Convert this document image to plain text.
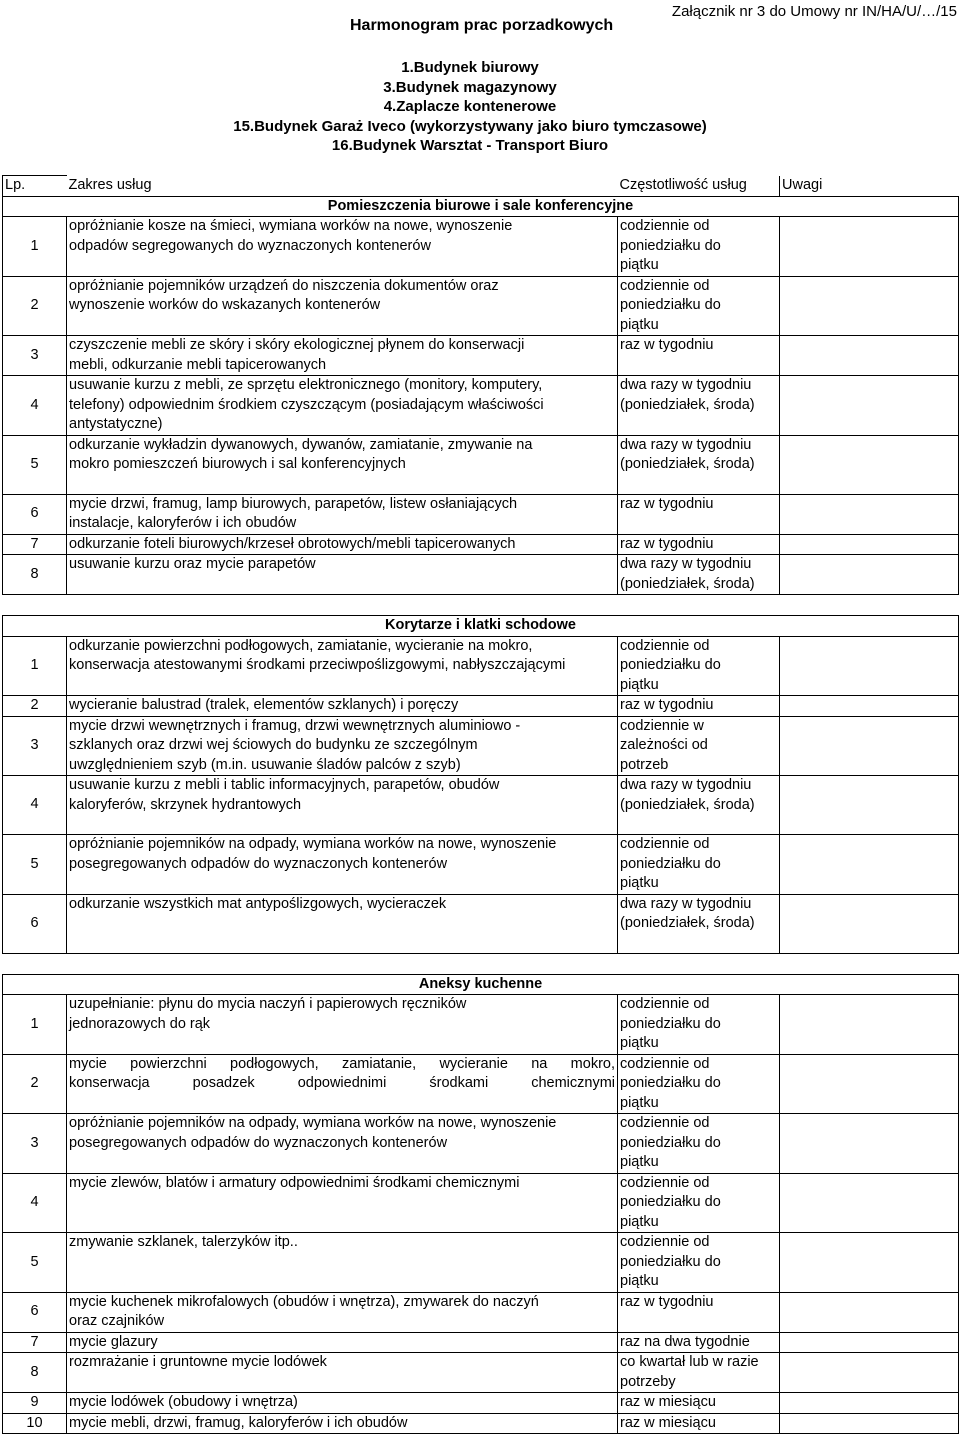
Załącznik nr 3 do Umowy nr IN/HA/U/…/15
Harmonogram prac porzadkowych
1.Budynek biurowy
3.Budynek magazynowy
4.Zaplacze kontenerowe
15.Budynek Garaż Iveco (wykorzystywany jako biuro tymczasowe)
16.Budynek Warsztat - Transport Biuro
Lp.	Zakres usług	Częstotliwość usług	Uwagi
Pomieszczenia biurowe i sale konferencyjne			
1	opróżnianie kosze na śmieci, wymiana worków na nowe, wynoszenie
odpadów segregowanych do wyznaczonych kontenerów	codziennie od
poniedziałku do
piątku	
2	opróżnianie pojemników urządzeń do niszczenia dokumentów oraz
wynoszenie worków do wskazanych kontenerów	codziennie od
poniedziałku do
piątku	
3	czyszczenie mebli ze skóry i skóry ekologicznej płynem do konserwacji
mebli, odkurzanie mebli tapicerowanych	raz w tygodniu	
4	usuwanie kurzu z mebli, ze sprzętu elektronicznego (monitory, komputery,
telefony) odpowiednim środkiem czyszczącym (posiadającym właściwości
antystatyczne)	dwa razy w tygodniu
(poniedziałek, środa)	
5	odkurzanie wykładzin dywanowych, dywanów, zamiatanie, zmywanie na
mokro pomieszczeń biurowych i sal konferencyjnych	dwa razy w tygodniu
(poniedziałek, środa)	
6	mycie drzwi, framug, lamp biurowych, parapetów, listew osłaniających
instalacje, kaloryferów i ich obudów	raz w tygodniu	
7	odkurzanie foteli biurowych/krzeseł obrotowych/mebli tapicerowanych	raz w tygodniu	
8	usuwanie kurzu oraz mycie parapetów	dwa razy w tygodniu
(poniedziałek, środa)	

Korytarze i klatki schodowe			
1	odkurzanie powierzchni podłogowych, zamiatanie, wycieranie na mokro,
konserwacja atestowanymi środkami przeciwpoślizgowymi, nabłyszczającymi	codziennie od
poniedziałku do
piątku	
2	wycieranie balustrad (tralek, elementów szklanych) i poręczy	raz w tygodniu	
3	mycie drzwi wewnętrznych i framug, drzwi wewnętrznych aluminiowo -
szklanych oraz drzwi wej ściowych do budynku ze szczególnym
uwzględnieniem szyb (m.in. usuwanie śladów palców z szyb)	codziennie w
zależności od
potrzeb	
4	usuwanie kurzu z mebli i tablic informacyjnych, parapetów, obudów
kaloryferów, skrzynek hydrantowych	dwa razy w tygodniu
(poniedziałek, środa)	
5	opróżnianie pojemników na odpady, wymiana worków na nowe, wynoszenie
posegregowanych odpadów do wyznaczonych kontenerów	codziennie od
poniedziałku do
piątku	
6	odkurzanie wszystkich mat antypoślizgowych, wycieraczek	dwa razy w tygodniu
(poniedziałek, środa)	

Aneksy kuchenne			
1	uzupełnianie: płynu do mycia naczyń i papierowych ręczników
jednorazowych do rąk	codziennie od
poniedziałku do
piątku	
2	mycie powierzchni podłogowych, zamiatanie, wycieranie na mokro,
konserwacja posadzek odpowiednimi środkami chemicznymi	codziennie od
poniedziałku do
piątku	
3	opróżnianie pojemników na odpady, wymiana worków na nowe, wynoszenie
posegregowanych odpadów do wyznaczonych kontenerów	codziennie od
poniedziałku do
piątku	
4	mycie zlewów, blatów i armatury odpowiednimi środkami chemicznymi	codziennie od
poniedziałku do
piątku	
5	zmywanie szklanek, talerzyków itp..	codziennie od
poniedziałku do
piątku	
6	mycie kuchenek mikrofalowych (obudów i wnętrza), zmywarek do naczyń
oraz czajników	raz w tygodniu	
7	mycie glazury	raz na dwa tygodnie	
8	rozmrażanie i gruntowne mycie lodówek	co kwartał lub w razie
potrzeby	
9	mycie lodówek (obudowy i wnętrza)	raz w miesiącu	
10	mycie mebli, drzwi, framug, kaloryferów i ich obudów	raz w miesiącu	
